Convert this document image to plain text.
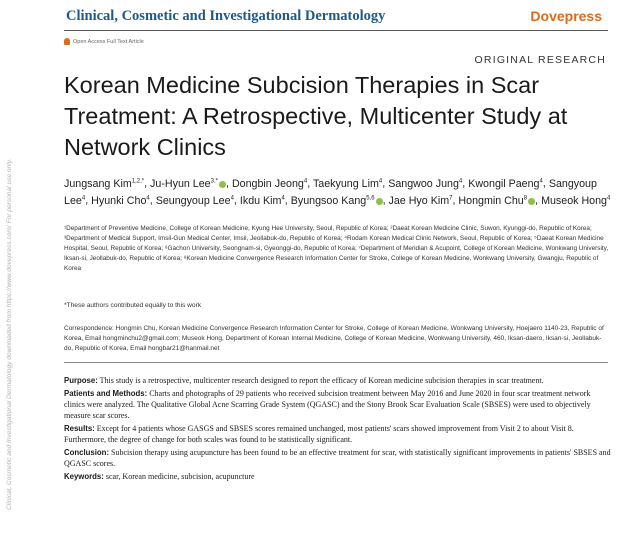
Clinical, Cosmetic and Investigational Dermatology	Dovepress
Open Access Full Text Article
ORIGINAL RESEARCH
Korean Medicine Subcision Therapies in Scar Treatment: A Retrospective, Multicenter Study at Network Clinics
Jungsang Kim$^{1,2,*}$, Ju-Hyun Lee$^{3,*}$ , Dongbin Jeong$^4$, Taekyung Lim$^4$, Sangwoo Jung$^4$, Kwongil Paeng$^4$, Sangyoup Lee$^4$, Hyunki Cho$^4$, Seungyoup Lee$^4$, Ikdu Kim$^4$, Byungsoo Kang$^{5,6}$ , Jae Hyo Kim$^7$, Hongmin Chu$^8$ , Museok Hong$^4$
¹Department of Preventive Medicine, College of Korean Medicine, Kyung Hee University, Seoul, Republic of Korea; ²Daeat Korean Medicine Clinic, Suwon, Kyunggi-do, Republic of Korea; ³Department of Medical Support, Imsil-Gun Medical Center, Imsil, Jeollabuk-do, Republic of Korea; ⁴Rodam Korean Medical Clinic Network, Seoul, Republic of Korea; ⁵Daeat Korean Medicine Hospital, Seoul, Republic of Korea; ⁶Gachon University, Seongnam-si, Gyeonggi-do, Republic of Korea; ⁷Department of Meridian & Acupoint, College of Korean Medicine, Wonkwang University, Iksan-si, Jeollabuk-do, Republic of Korea; ⁸Korean Medicine Convergence Research Information Center for Stroke, College of Korean Medicine, Wonkwang University, Gwangju, Republic of Korea
*These authors contributed equally to this work
Correspondence: Hongmin Chu, Korean Medicine Convergence Research Information Center for Stroke, College of Korean Medicine, Wonkwang University, Hoejaero 1140-23, Republic of Korea, Email hongminchu2@gmail.com; Museok Hong, Department of Korean Internal Medicine, College of Korean Medicine, Wonkwang University, 460, Iksan-daero, Iksan-si, Jeollabuk-do, Republic of Korea, Email hongbar21@hanmail.net

Purpose: This study is a retrospective, multicenter research designed to report the efficacy of Korean medicine subcision therapies in scar treatment.

Patients and Methods: Charts and photographs of 29 patients who received subcision treatment between May 2016 and June 2020 in four scar treatment network clinics were analyzed. The Qualitative Global Acne Scarring Grade System (QGASC) and the Stony Brook Scar Evaluation Scale (SBSES) were used to objectively measure scar scores.

Results: Except for 4 patients whose GASGS and SBSES scores remained unchanged, most patients' scars showed improvement from Visit 2 to about Visit 8. Furthermore, the degree of change for both scales was found to be statistically significant.

Conclusion: Subcision therapy using acupuncture has been found to be an effective treatment for scar, with statistically significant improvements in patients' SBSES and QGASC scores.

Keywords: scar, Korean medicine, subcision, acupuncture

Clinical, Cosmetic and Investigational Dermatology downloaded from https://www.dovepress.com/ For personal use only.
